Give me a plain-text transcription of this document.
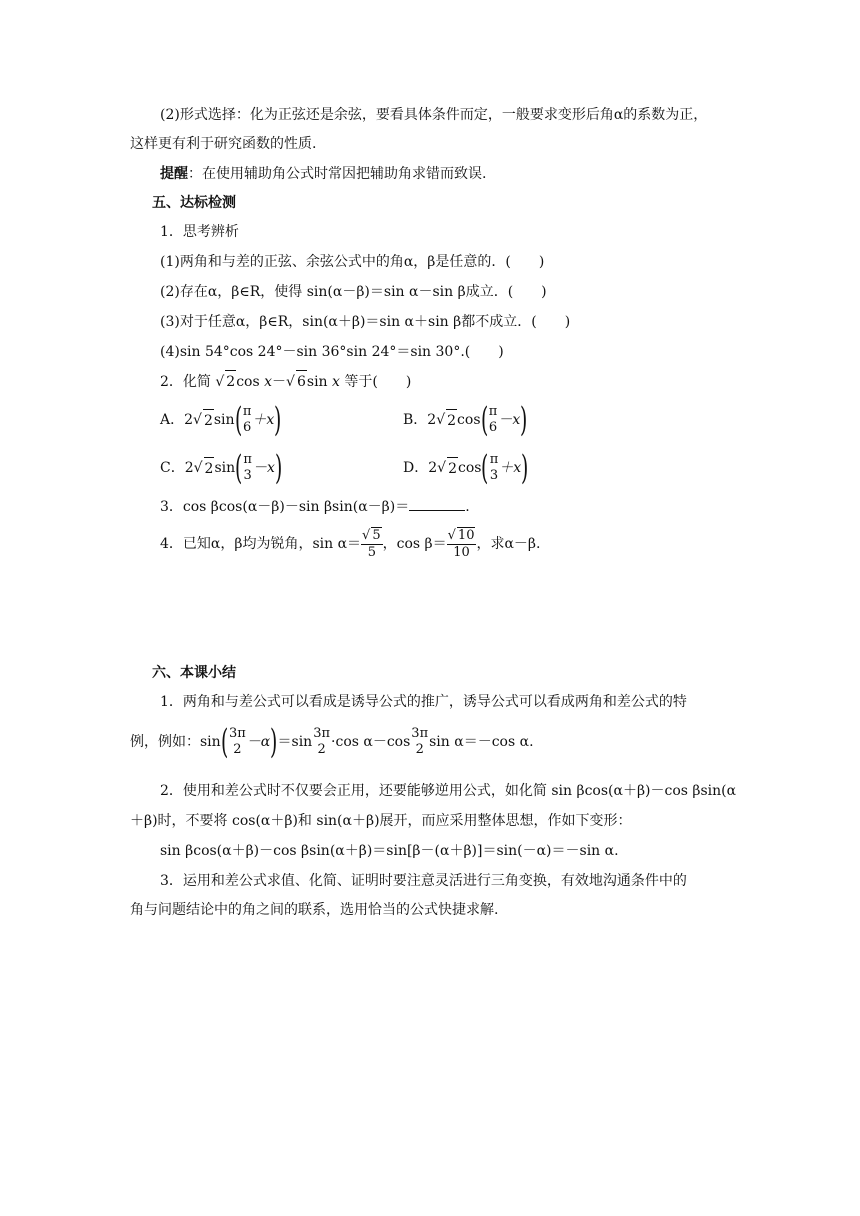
(2)形式选择：化为正弦还是余弦，要看具体条件而定，一般要求变形后角α的系数为正，
这样更有利于研究函数的性质.
提醒：在使用辅助角公式时常因把辅助角求错而致误.
五、达标检测
1．思考辨析
(1)两角和与差的正弦、余弦公式中的角α，β是任意的．(　　)
(2)存在α，β∈R，使得 sin(α－β)＝sin α－sin β成立．(　　)
(3)对于任意α，β∈R，sin(α＋β)＝sin α＋sin β都不成立．(　　)
(4)sin 54°cos 24°－sin 36°sin 24°＝sin 30°.(　　)
2．化简 √ 2cos x－√ 6sin x 等于(　　)
A．2 √ 2 sin ( π
6 ＋x )	B．2 √ 2 cos ( π
6 －x )
C．2 √ 2 sin ( π
3 －x )	D．2 √ 2 cos ( π
3 ＋x )
3．cos βcos(α－β)－sin βsin(α－β)＝	.
4．已知α，β均为锐角，$\sin \alpha= \frac{√ 5}{5}$ ，$\cos \beta= \frac{√ 10}{10}$ ，求α－β.
六、本课小结
1．两角和与差公式可以看成是诱导公式的推广，诱导公式可以看成两角和差公式的特
例，例如：sin ( 3π
2 －α ) ＝sin
3π
2 ·cos α－cos
3π
2 sin α＝－cos α.
2．使用和差公式时不仅要会正用，还要能够逆用公式，如化简 sin βcos(α＋β)－cos βsin(α
＋β)时，不要将 cos(α＋β)和 sin(α＋β)展开，而应采用整体思想，作如下变形：
sin βcos(α＋β)－cos βsin(α＋β)＝sin[β－(α＋β)]＝sin(－α)＝－sin α.
3．运用和差公式求值、化简、证明时要注意灵活进行三角变换，有效地沟通条件中的
角与问题结论中的角之间的联系，选用恰当的公式快捷求解.
